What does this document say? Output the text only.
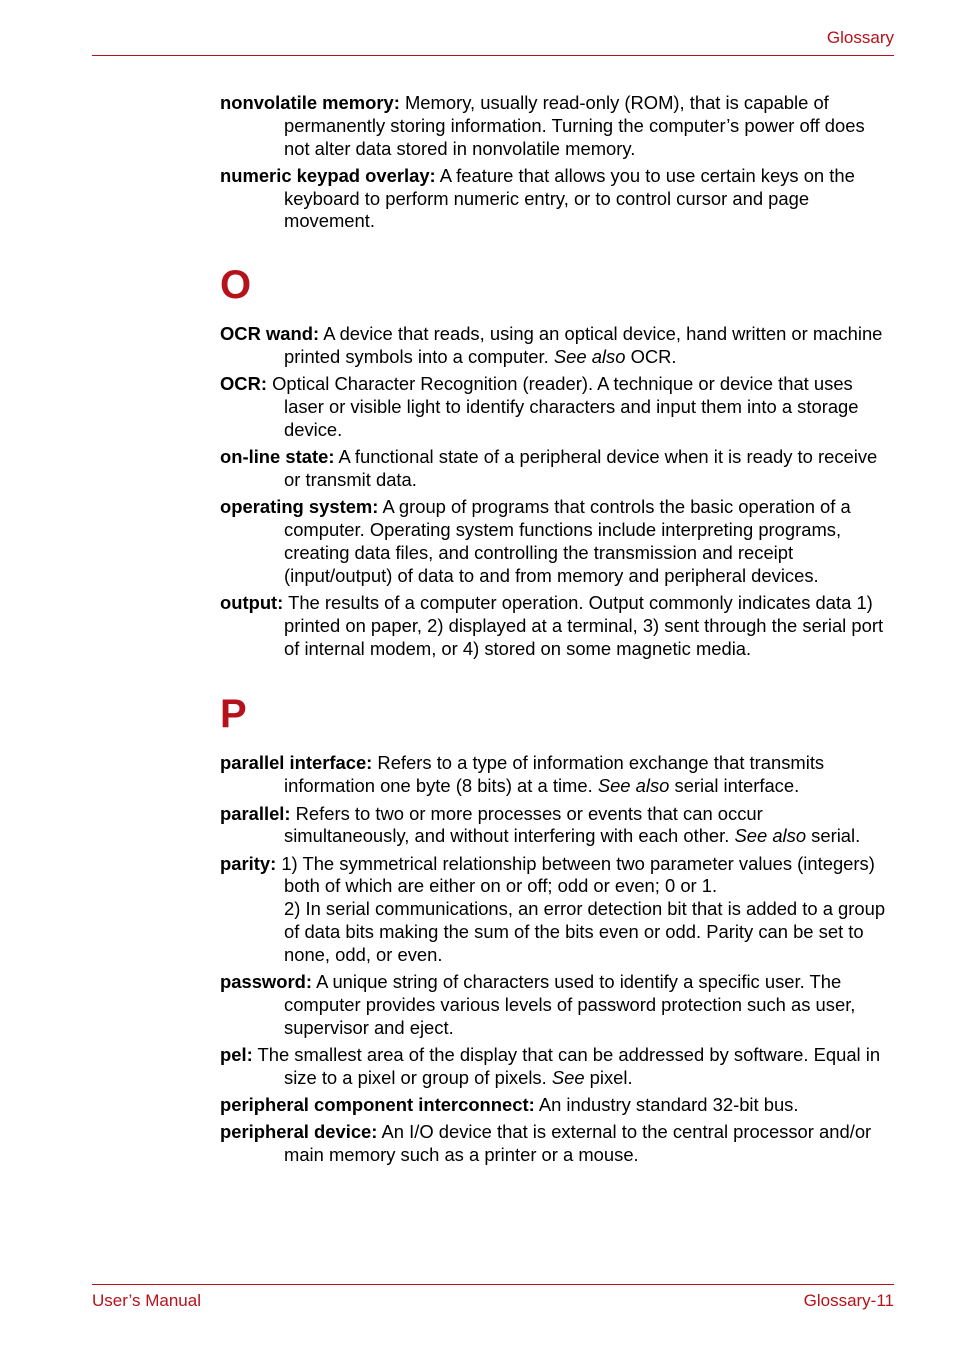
Glossary

nonvolatile memory: Memory, usually read-only (ROM), that is capable of permanently storing information. Turning the computer’s power off does not alter data stored in nonvolatile memory.

numeric keypad overlay: A feature that allows you to use certain keys on the keyboard to perform numeric entry, or to control cursor and page movement.

O

OCR wand: A device that reads, using an optical device, hand written or machine printed symbols into a computer. See also OCR.

OCR: Optical Character Recognition (reader). A technique or device that uses laser or visible light to identify characters and input them into a storage device.

on-line state: A functional state of a peripheral device when it is ready to receive or transmit data.

operating system: A group of programs that controls the basic operation of a computer. Operating system functions include interpreting programs, creating data files, and controlling the transmission and receipt (input/output) of data to and from memory and peripheral devices.

output: The results of a computer operation. Output commonly indicates data 1) printed on paper, 2) displayed at a terminal, 3) sent through the serial port of internal modem, or 4) stored on some magnetic media.

P

parallel interface: Refers to a type of information exchange that transmits information one byte (8 bits) at a time. See also serial interface.

parallel: Refers to two or more processes or events that can occur simultaneously, and without interfering with each other. See also serial.

parity: 1) The symmetrical relationship between two parameter values (integers) both of which are either on or off; odd or even; 0 or 1.
2) In serial communications, an error detection bit that is added to a group of data bits making the sum of the bits even or odd. Parity can be set to none, odd, or even.

password: A unique string of characters used to identify a specific user. The computer provides various levels of password protection such as user, supervisor and eject.

pel: The smallest area of the display that can be addressed by software. Equal in size to a pixel or group of pixels. See pixel.

peripheral component interconnect: An industry standard 32-bit bus.

peripheral device: An I/O device that is external to the central processor and/or main memory such as a printer or a mouse.

User’s Manual	Glossary-11
